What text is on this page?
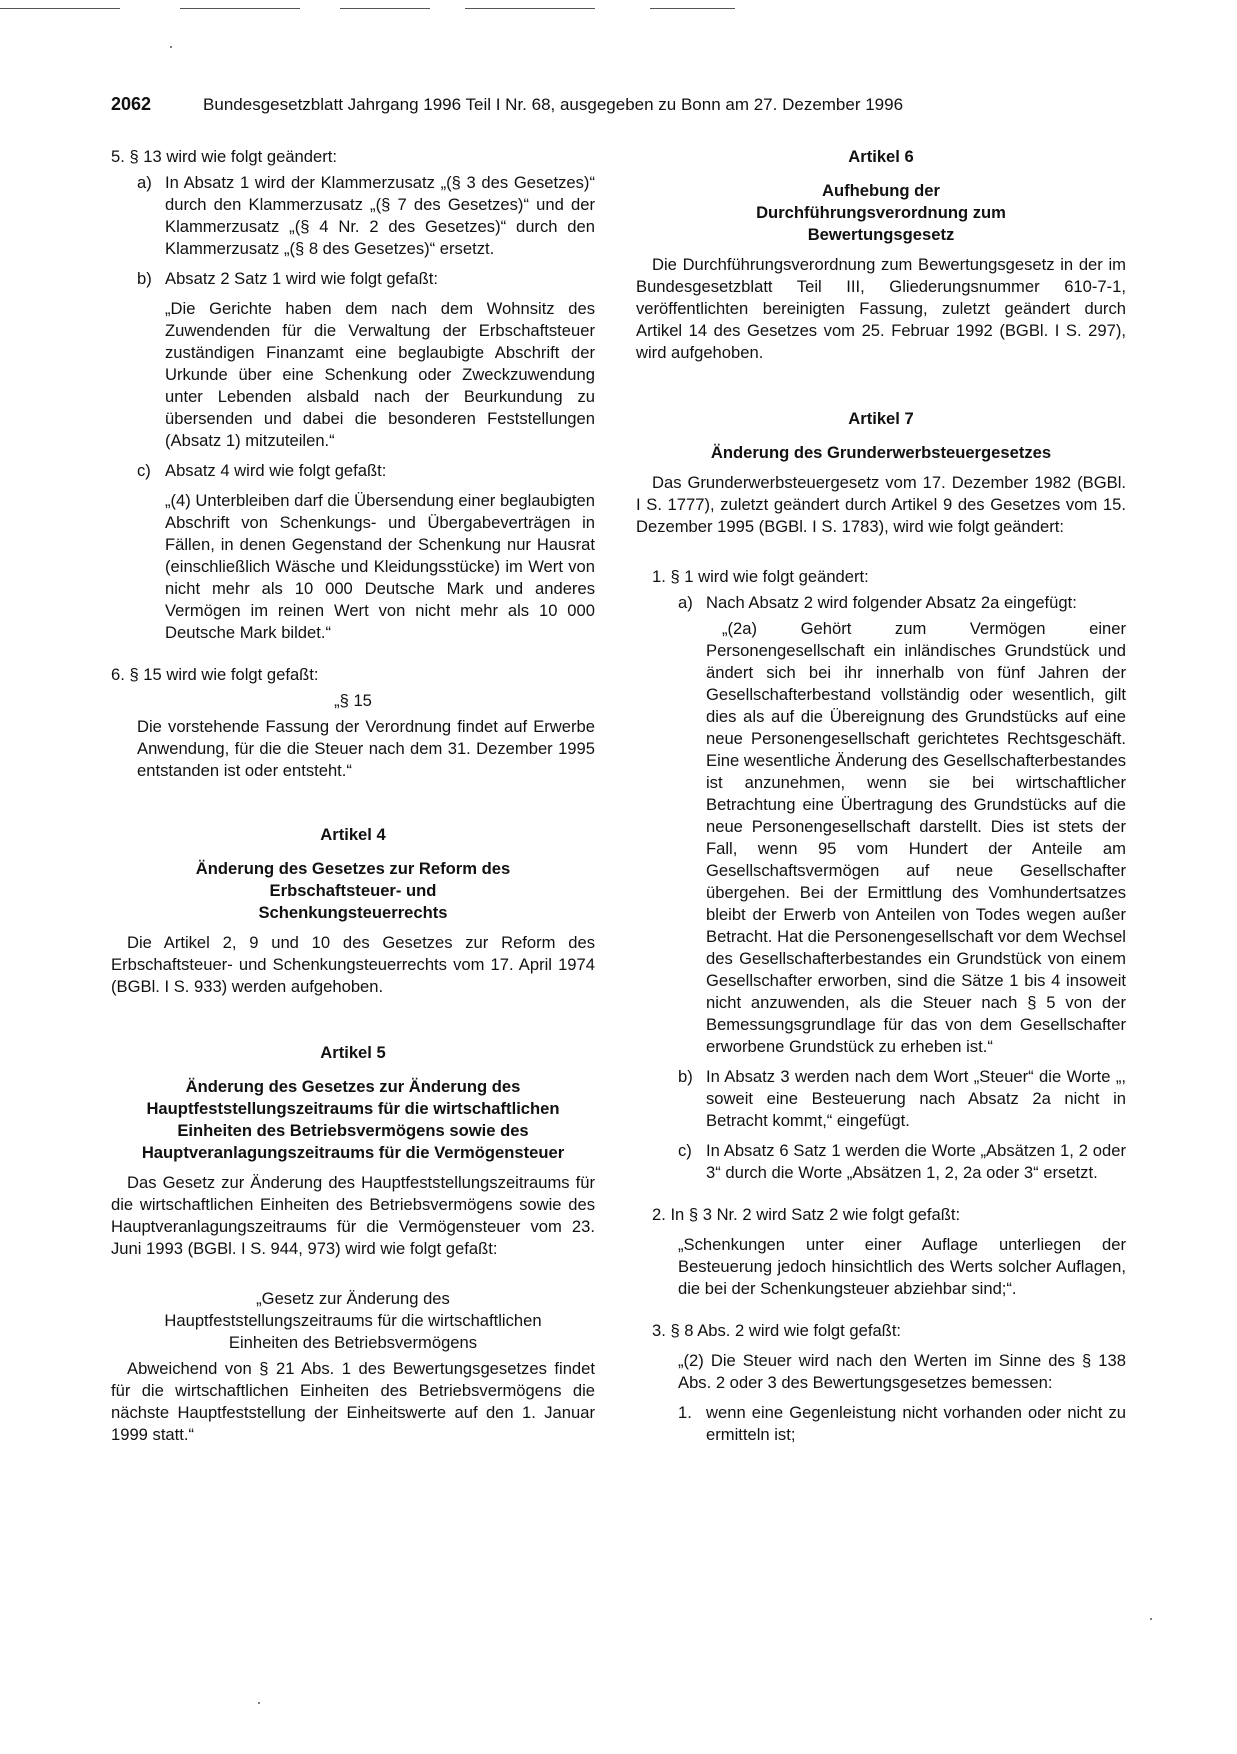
2062	Bundesgesetzblatt Jahrgang 1996 Teil I Nr. 68, ausgegeben zu Bonn am 27. Dezember 1996

5. § 13 wird wie folgt geändert:

a) In Absatz 1 wird der Klammerzusatz „(§ 3 des Gesetzes)“ durch den Klammerzusatz „(§ 7 des Gesetzes)“ und der Klammerzusatz „(§ 4 Nr. 2 des Gesetzes)“ durch den Klammerzusatz „(§ 8 des Gesetzes)“ ersetzt.

b) Absatz 2 Satz 1 wird wie folgt gefaßt:

„Die Gerichte haben dem nach dem Wohnsitz des Zuwendenden für die Verwaltung der Erbschaftsteuer zuständigen Finanzamt eine beglaubigte Abschrift der Urkunde über eine Schenkung oder Zweckzuwendung unter Lebenden alsbald nach der Beurkundung zu übersenden und dabei die besonderen Feststellungen (Absatz 1) mitzuteilen.“

c) Absatz 4 wird wie folgt gefaßt:

„(4) Unterbleiben darf die Übersendung einer beglaubigten Abschrift von Schenkungs- und Übergabeverträgen in Fällen, in denen Gegenstand der Schenkung nur Hausrat (einschließlich Wäsche und Kleidungsstücke) im Wert von nicht mehr als 10 000 Deutsche Mark und anderes Vermögen im reinen Wert von nicht mehr als 10 000 Deutsche Mark bildet.“

6. § 15 wird wie folgt gefaßt:

„§ 15

Die vorstehende Fassung der Verordnung findet auf Erwerbe Anwendung, für die die Steuer nach dem 31. Dezember 1995 entstanden ist oder entsteht.“

Artikel 4

Änderung des Gesetzes zur Reform des Erbschaftsteuer- und Schenkungsteuerrechts

Die Artikel 2, 9 und 10 des Gesetzes zur Reform des Erbschaftsteuer- und Schenkungsteuerrechts vom 17. April 1974 (BGBl. I S. 933) werden aufgehoben.

Artikel 5

Änderung des Gesetzes zur Änderung des Hauptfeststellungszeitraums für die wirtschaftlichen Einheiten des Betriebsvermögens sowie des Hauptveranlagungszeitraums für die Vermögensteuer

Das Gesetz zur Änderung des Hauptfeststellungszeitraums für die wirtschaftlichen Einheiten des Betriebsvermögens sowie des Hauptveranlagungszeitraums für die Vermögensteuer vom 23. Juni 1993 (BGBl. I S. 944, 973) wird wie folgt gefaßt:

„Gesetz zur Änderung des Hauptfeststellungszeitraums für die wirtschaftlichen Einheiten des Betriebsvermögens

Abweichend von § 21 Abs. 1 des Bewertungsgesetzes findet für die wirtschaftlichen Einheiten des Betriebsvermögens die nächste Hauptfeststellung der Einheitswerte auf den 1. Januar 1999 statt.“

Artikel 6

Aufhebung der Durchführungsverordnung zum Bewertungsgesetz

Die Durchführungsverordnung zum Bewertungsgesetz in der im Bundesgesetzblatt Teil III, Gliederungsnummer 610-7-1, veröffentlichten bereinigten Fassung, zuletzt geändert durch Artikel 14 des Gesetzes vom 25. Februar 1992 (BGBl. I S. 297), wird aufgehoben.

Artikel 7

Änderung des Grunderwerbsteuergesetzes

Das Grunderwerbsteuergesetz vom 17. Dezember 1982 (BGBl. I S. 1777), zuletzt geändert durch Artikel 9 des Gesetzes vom 15. Dezember 1995 (BGBl. I S. 1783), wird wie folgt geändert:

1. § 1 wird wie folgt geändert:

a) Nach Absatz 2 wird folgender Absatz 2a eingefügt:

„(2a) Gehört zum Vermögen einer Personengesellschaft ein inländisches Grundstück und ändert sich bei ihr innerhalb von fünf Jahren der Gesellschafterbestand vollständig oder wesentlich, gilt dies als auf die Übereignung des Grundstücks auf eine neue Personengesellschaft gerichtetes Rechtsgeschäft. Eine wesentliche Änderung des Gesellschafterbestandes ist anzunehmen, wenn sie bei wirtschaftlicher Betrachtung eine Übertragung des Grundstücks auf die neue Personengesellschaft darstellt. Dies ist stets der Fall, wenn 95 vom Hundert der Anteile am Gesellschaftsvermögen auf neue Gesellschafter übergehen. Bei der Ermittlung des Vomhundertsatzes bleibt der Erwerb von Anteilen von Todes wegen außer Betracht. Hat die Personengesellschaft vor dem Wechsel des Gesellschafterbestandes ein Grundstück von einem Gesellschafter erworben, sind die Sätze 1 bis 4 insoweit nicht anzuwenden, als die Steuer nach § 5 von der Bemessungsgrundlage für das von dem Gesellschafter erworbene Grundstück zu erheben ist.“

b) In Absatz 3 werden nach dem Wort „Steuer“ die Worte „, soweit eine Besteuerung nach Absatz 2a nicht in Betracht kommt,“ eingefügt.

c) In Absatz 6 Satz 1 werden die Worte „Absätzen 1, 2 oder 3“ durch die Worte „Absätzen 1, 2, 2a oder 3“ ersetzt.

2. In § 3 Nr. 2 wird Satz 2 wie folgt gefaßt:

„Schenkungen unter einer Auflage unterliegen der Besteuerung jedoch hinsichtlich des Werts solcher Auflagen, die bei der Schenkungsteuer abziehbar sind;“.

3. § 8 Abs. 2 wird wie folgt gefaßt:

„(2) Die Steuer wird nach den Werten im Sinne des § 138 Abs. 2 oder 3 des Bewertungsgesetzes bemessen:

1. wenn eine Gegenleistung nicht vorhanden oder nicht zu ermitteln ist;
